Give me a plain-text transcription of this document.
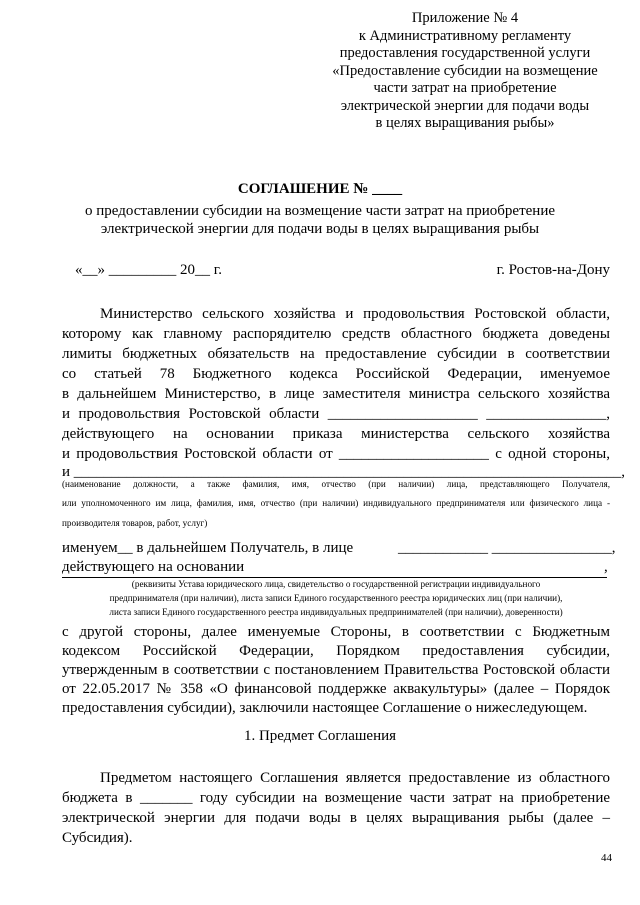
Приложение № 4
к Административному регламенту
предоставления государственной услуги
«Предоставление субсидии на возмещение
части затрат на приобретение
электрической энергии для подачи воды
в целях выращивания рыбы»
СОГЛАШЕНИЕ № ____
о предоставлении субсидии на возмещение части затрат на приобретение
электрической энергии для подачи воды в целях выращивания рыбы
«__» _________ 20__ г.	г. Ростов-на-Дону
Министерство сельского хозяйства и продовольствия Ростовской области,
которому как главному распорядителю средств областного бюджета доведены
лимиты бюджетных обязательств на предоставление субсидии в соответствии
со статьей 78 Бюджетного кодекса Российской Федерации, именуемое
в дальнейшем Министерство, в лице заместителя министра сельского хозяйства
и продовольствия Ростовской области ____________________ ________________,
действующего на основании приказа министерства сельского хозяйства
и продовольствия Ростовской области от ____________________ с одной стороны,
и _________________________________________________________________________,
(наименование должности, а также фамилия, имя, отчество (при наличии) лица, представляющего Получателя,
или уполномоченного им лица, фамилия, имя, отчество (при наличии) индивидуального предпринимателя или физического лица -
производителя товаров, работ, услуг)
именуем__ в дальнейшем Получатель, в лице	____________ ________________,
действующего на основании	,
(реквизиты Устава юридического лица, свидетельство о государственной регистрации индивидуального
предпринимателя (при наличии), листа записи Единого государственного реестра юридических лиц (при наличии),
листа записи Единого государственного реестра индивидуальных предпринимателей (при наличии), доверенности)
с другой стороны, далее именуемые Стороны, в соответствии с Бюджетным
кодексом Российской Федерации, Порядком предоставления субсидии,
утвержденным в соответствии с постановлением Правительства Ростовской области
от 22.05.2017 № 358 «О финансовой поддержке аквакультуры» (далее – Порядок
предоставления субсидии), заключили настоящее Соглашение о нижеследующем.
1. Предмет Соглашения
Предметом настоящего Соглашения является предоставление из областного
бюджета в _______ году субсидии на возмещение части затрат на приобретение
электрической энергии для подачи воды в целях выращивания рыбы (далее –
Субсидия).
44
